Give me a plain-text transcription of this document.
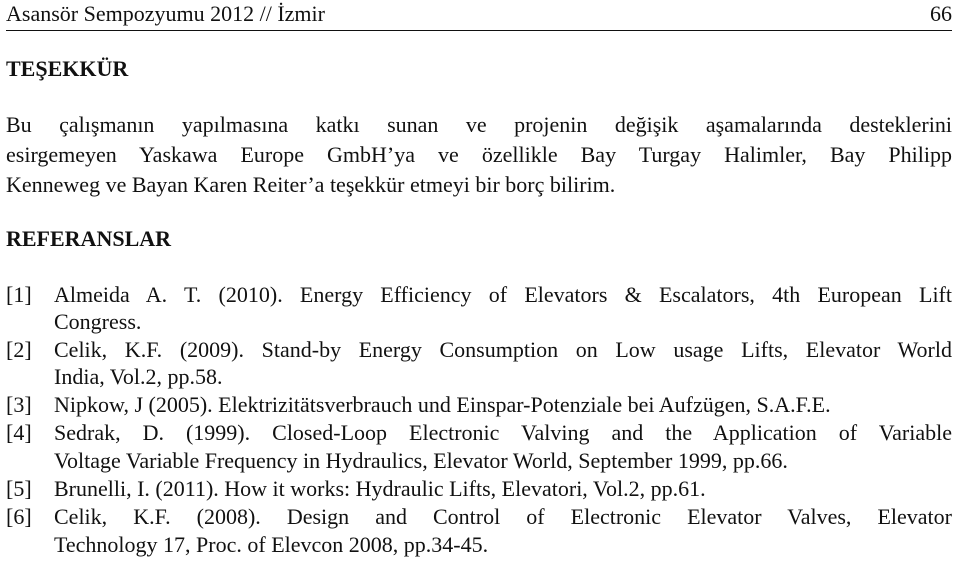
Asansör Sempozyumu 2012 // İzmir	66
TEŞEKKÜR
Bu çalışmanın yapılmasına katkı sunan ve projenin değişik aşamalarında desteklerini
esirgemeyen Yaskawa Europe GmbH’ya ve özellikle Bay Turgay Halimler, Bay Philipp
Kenneweg ve Bayan Karen Reiter’a teşekkür etmeyi bir borç bilirim.
REFERANSLAR
[1] Almeida A. T. (2010). Energy Efficiency of Elevators & Escalators, 4th European Lift
Congress.
[2] Celik, K.F. (2009). Stand-by Energy Consumption on Low usage Lifts, Elevator World
India, Vol.2, pp.58.
[3] Nipkow, J (2005). Elektrizitätsverbrauch und Einspar-Potenziale bei Aufzügen, S.A.F.E.
[4] Sedrak, D. (1999). Closed-Loop Electronic Valving and the Application of Variable
Voltage Variable Frequency in Hydraulics, Elevator World, September 1999, pp.66.
[5] Brunelli, I. (2011). How it works: Hydraulic Lifts, Elevatori, Vol.2, pp.61.
[6] Celik, K.F. (2008). Design and Control of Electronic Elevator Valves, Elevator
Technology 17, Proc. of Elevcon 2008, pp.34-45.
